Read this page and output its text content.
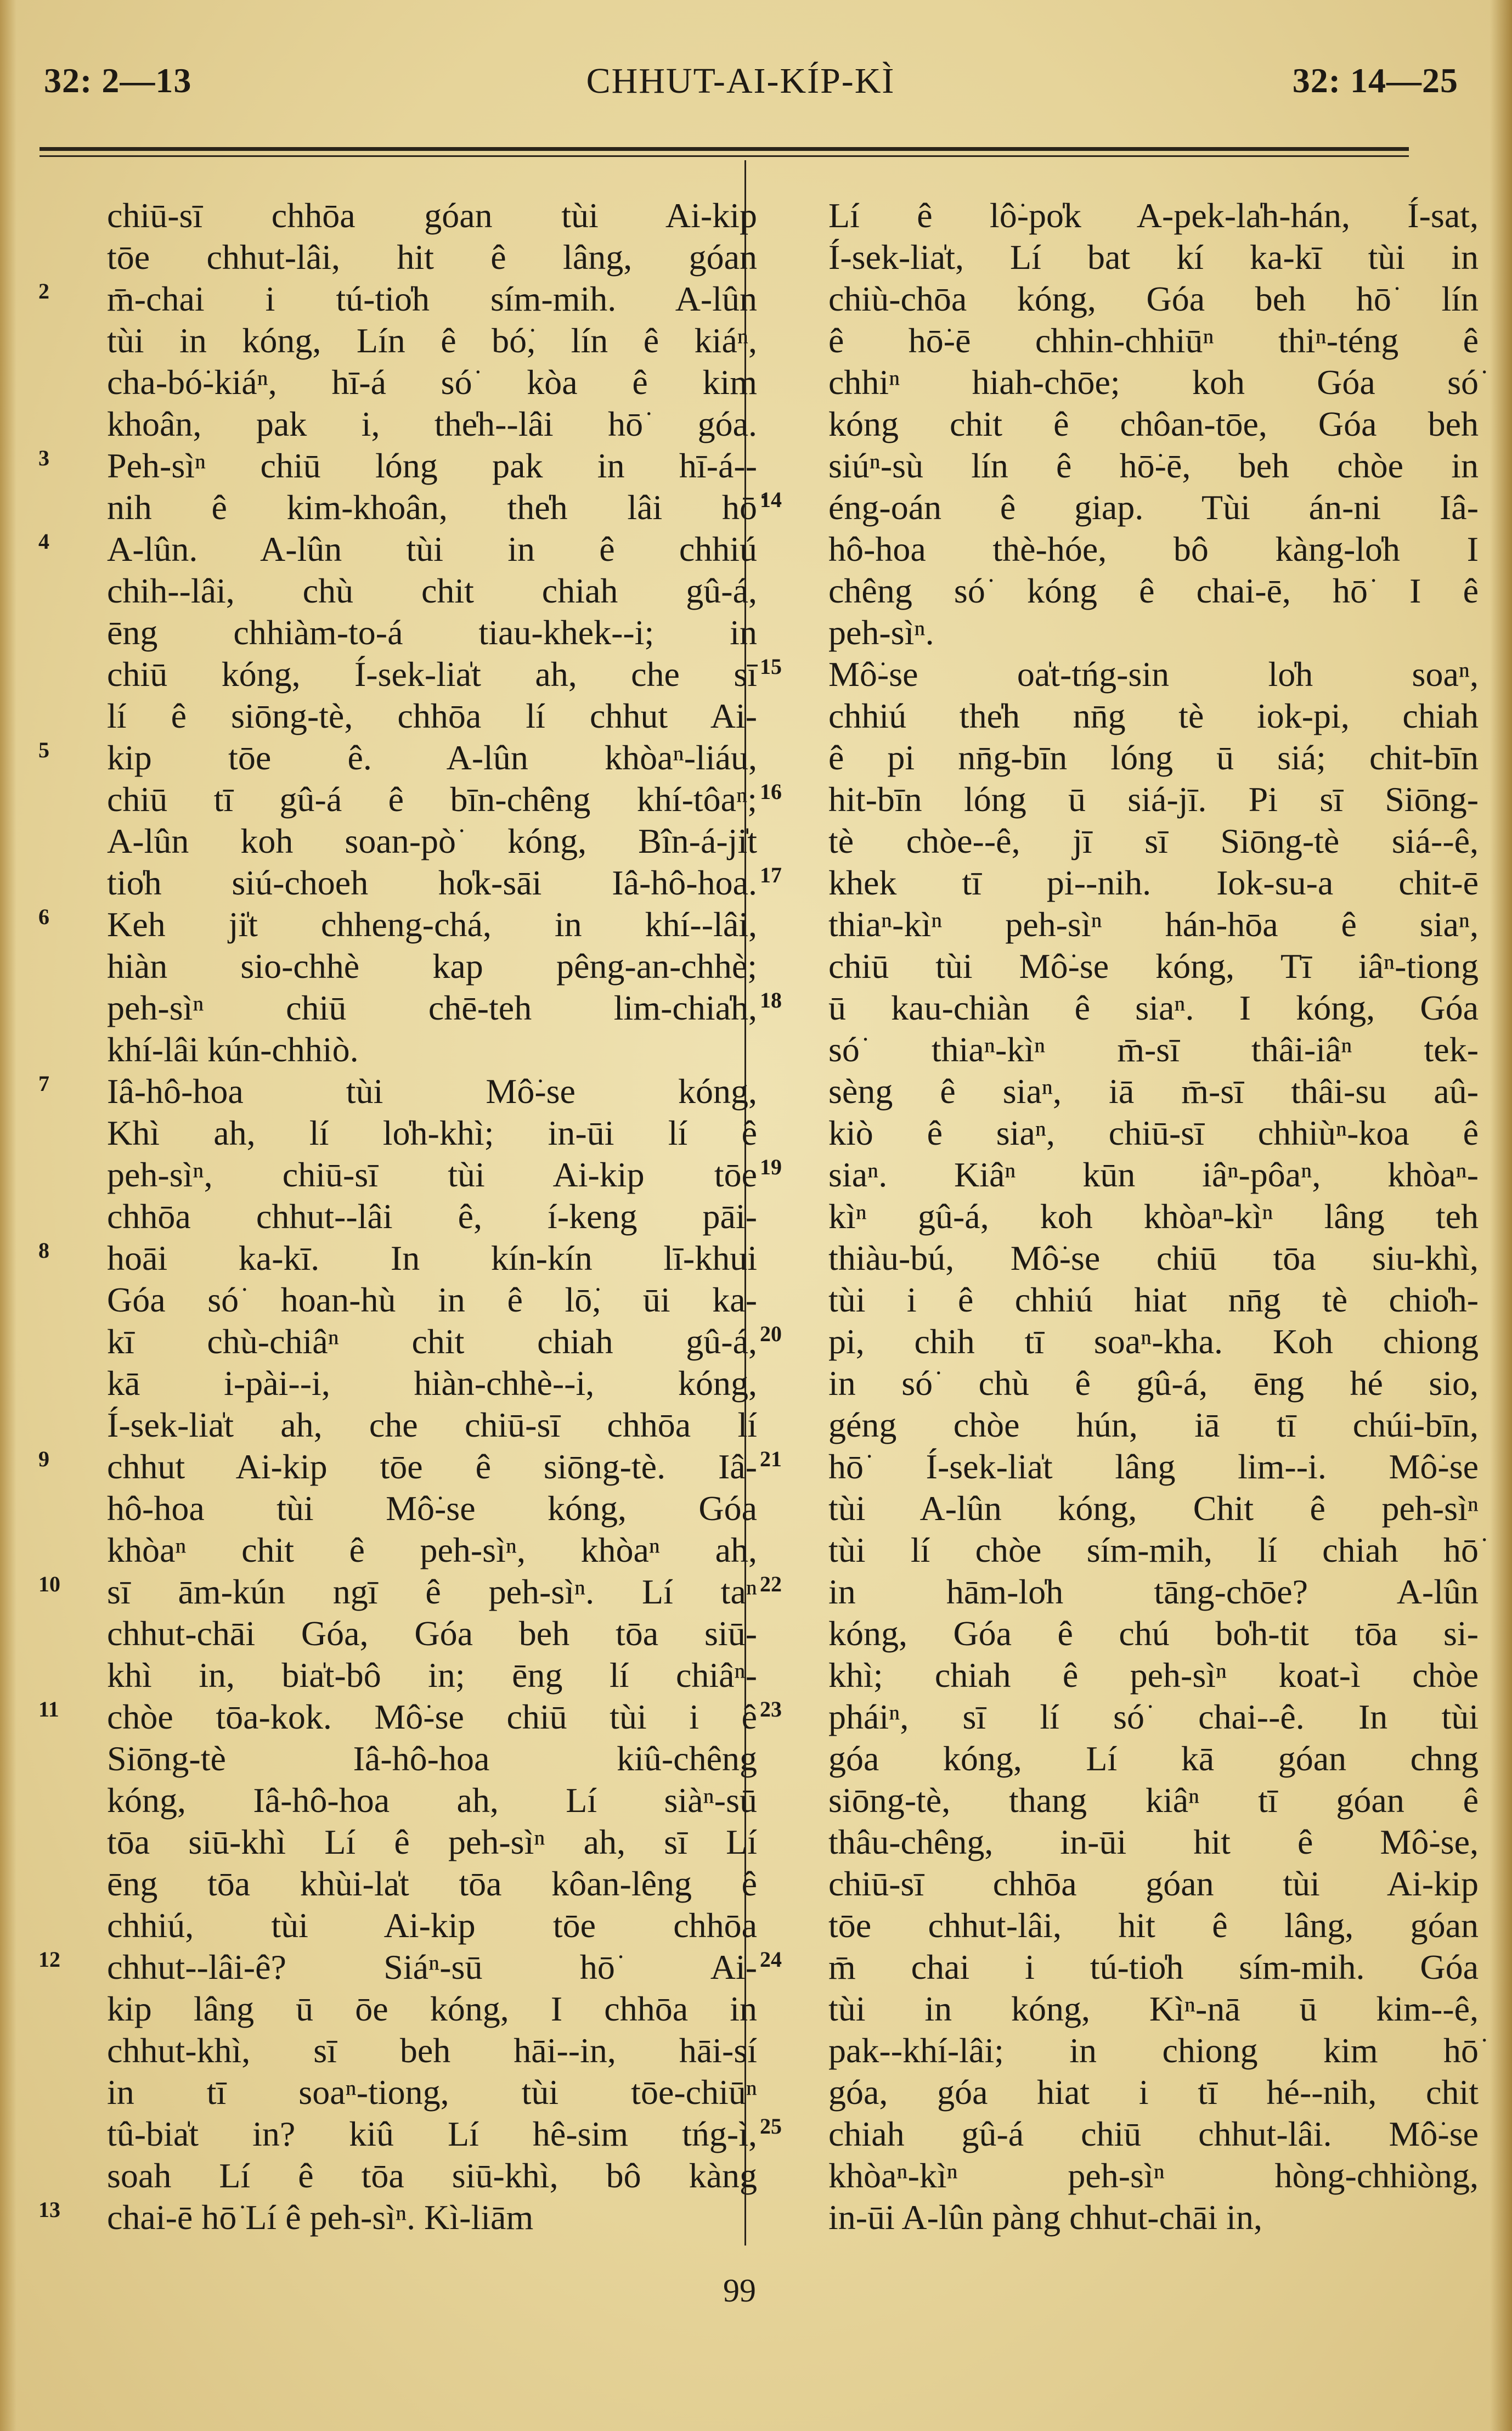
32: 2—13	CHHUT-AI-KÍP-KÌ	32: 14—25
chiū-sī chhōa góan tùi Ai-kip
tōe chhut-lâi, hit ê lâng, góan
2	m̄-chai i tú-tio̍h sím-mih. A-lûn
tùi in kóng, Lín ê bó͘, lín ê kiáⁿ,
cha-bó͘-kiáⁿ, hī-á só͘ kòa ê kim
khoân, pak i, the̍h--lâi hō͘ góa.
3	Peh-sìⁿ chiū lóng pak in hī-á--
nih ê kim-khoân, the̍h lâi hō͘
4	A-lûn. A-lûn tùi in ê chhiú
chih--lâi, chù chit chiah gû-á,
ēng chhiàm-to-á tiau-khek--i; in
chiū kóng, Í-sek-lia̍t ah, che sī
lí ê siōng-tè, chhōa lí chhut Ai-
5	kip tōe ê. A-lûn khòaⁿ-liáu,
chiū tī gû-á ê bīn-chêng khí-tôaⁿ;
A-lûn koh soan-pò͘ kóng, Bîn-á-ji̍t
tio̍h siú-choeh ho̍k-sāi Iâ-hô-hoa.
6	Keh ji̍t chheng-chá, in khí--lâi,
hiàn sio-chhè kap pêng-an-chhè;
peh-sìⁿ chiū chē-teh lim-chia̍h,
khí-lâi kún-chhiò.
7	Iâ-hô-hoa tùi Mô͘-se kóng,
Khì ah, lí lo̍h-khì; in-ūi lí ê
peh-sìⁿ, chiū-sī tùi Ai-kip tōe
chhōa chhut--lâi ê, í-keng pāi-
8	hoāi ka-kī. In kín-kín lī-khui
Góa só͘ hoan-hù in ê lō͘, ūi ka-
kī chù-chiâⁿ chit chiah gû-á,
kā i-pài--i, hiàn-chhè--i, kóng,
Í-sek-lia̍t ah, che chiū-sī chhōa lí
9	chhut Ai-kip tōe ê siōng-tè. Iâ-
hô-hoa tùi Mô͘-se kóng, Góa
khòaⁿ chit ê peh-sìⁿ, khòaⁿ ah,
10	sī ām-kún ngī ê peh-sìⁿ. Lí taⁿ
chhut-chāi Góa, Góa beh tōa siū-
khì in, bia̍t-bô in; ēng lí chiâⁿ-
11	chòe tōa-kok. Mô͘-se chiū tùi i ê
Siōng-tè Iâ-hô-hoa kiû-chêng
kóng, Iâ-hô-hoa ah, Lí siàⁿ-sū
tōa siū-khì Lí ê peh-sìⁿ ah, sī Lí
ēng tōa khùi-la̍t tōa kôan-lêng ê
chhiú, tùi Ai-kip tōe chhōa
12	chhut--lâi-ê? Siáⁿ-sū hō͘ Ai-
kip lâng ū ōe kóng, I chhōa in
chhut-khì, sī beh hāi--in, hāi-sí
in tī soaⁿ-tiong, tùi tōe-chiūⁿ
tû-bia̍t in? kiû Lí hê-sim tńg-ì,
soah Lí ê tōa siū-khì, bô kàng
13	chai-ē hō͘ Lí ê peh-sìⁿ. Kì-liām
Lí ê lô͘-po̍k A-pek-la̍h-hán, Í-sat,
Í-sek-lia̍t, Lí bat kí ka-kī tùi in
chiù-chōa kóng, Góa beh hō͘ lín
ê hō͘-ē chhin-chhiūⁿ thiⁿ-téng ê
chhiⁿ hiah-chōe; koh Góa só͘
kóng chit ê chôan-tōe, Góa beh
siúⁿ-sù lín ê hō͘-ē, beh chòe in
14	éng-oán ê giap. Tùi án-ni Iâ-
hô-hoa thè-hóe, bô kàng-lo̍h I
chêng só͘ kóng ê chai-ē, hō͘ I ê
peh-sìⁿ.
15	Mô͘-se oa̍t-tńg-sin lo̍h soaⁿ,
chhiú the̍h nn̄g tè iok-pi, chiah
ê pi nn̄g-bīn lóng ū siá; chit-bīn
16	hit-bīn lóng ū siá-jī. Pi sī Siōng-
tè chòe--ê, jī sī Siōng-tè siá--ê,
17	khek tī pi--nih. Iok-su-a chit-ē
thiaⁿ-kìⁿ peh-sìⁿ hán-hōa ê siaⁿ,
chiū tùi Mô͘-se kóng, Tī iâⁿ-tiong
18	ū kau-chiàn ê siaⁿ. I kóng, Góa
só͘ thiaⁿ-kìⁿ m̄-sī thâi-iâⁿ tek-
sèng ê siaⁿ, iā m̄-sī thâi-su aû-
kiò ê siaⁿ, chiū-sī chhiùⁿ-koa ê
19	siaⁿ. Kiâⁿ kūn iâⁿ-pôaⁿ, khòaⁿ-
kìⁿ gû-á, koh khòaⁿ-kìⁿ lâng teh
thiàu-bú, Mô͘-se chiū tōa siu-khì,
tùi i ê chhiú hiat nn̄g tè chio̍h-
20	pi, chih tī soaⁿ-kha. Koh chiong
in só͘ chù ê gû-á, ēng hé sio,
géng chòe hún, iā tī chúi-bīn,
21	hō͘ Í-sek-lia̍t lâng lim--i. Mô͘-se
tùi A-lûn kóng, Chit ê peh-sìⁿ
tùi lí chòe sím-mih, lí chiah hō͘
22	in hām-lo̍h tāng-chōe? A-lûn
kóng, Góa ê chú bo̍h-tit tōa si-
khì; chiah ê peh-sìⁿ koat-ì chòe
23	pháiⁿ, sī lí só͘ chai--ê. In tùi
góa kóng, Lí kā góan chng
siōng-tè, thang kiâⁿ tī góan ê
thâu-chêng, in-ūi hit ê Mô͘-se,
chiū-sī chhōa góan tùi Ai-kip
tōe chhut-lâi, hit ê lâng, góan
24	m̄ chai i tú-tio̍h sím-mih. Góa
tùi in kóng, Kìⁿ-nā ū kim--ê,
pak--khí-lâi; in chiong kim hō͘
góa, góa hiat i tī hé--nih, chit
25	chiah gû-á chiū chhut-lâi. Mô͘-se
khòaⁿ-kìⁿ peh-sìⁿ hòng-chhiòng,
in-ūi A-lûn pàng chhut-chāi in,
99
